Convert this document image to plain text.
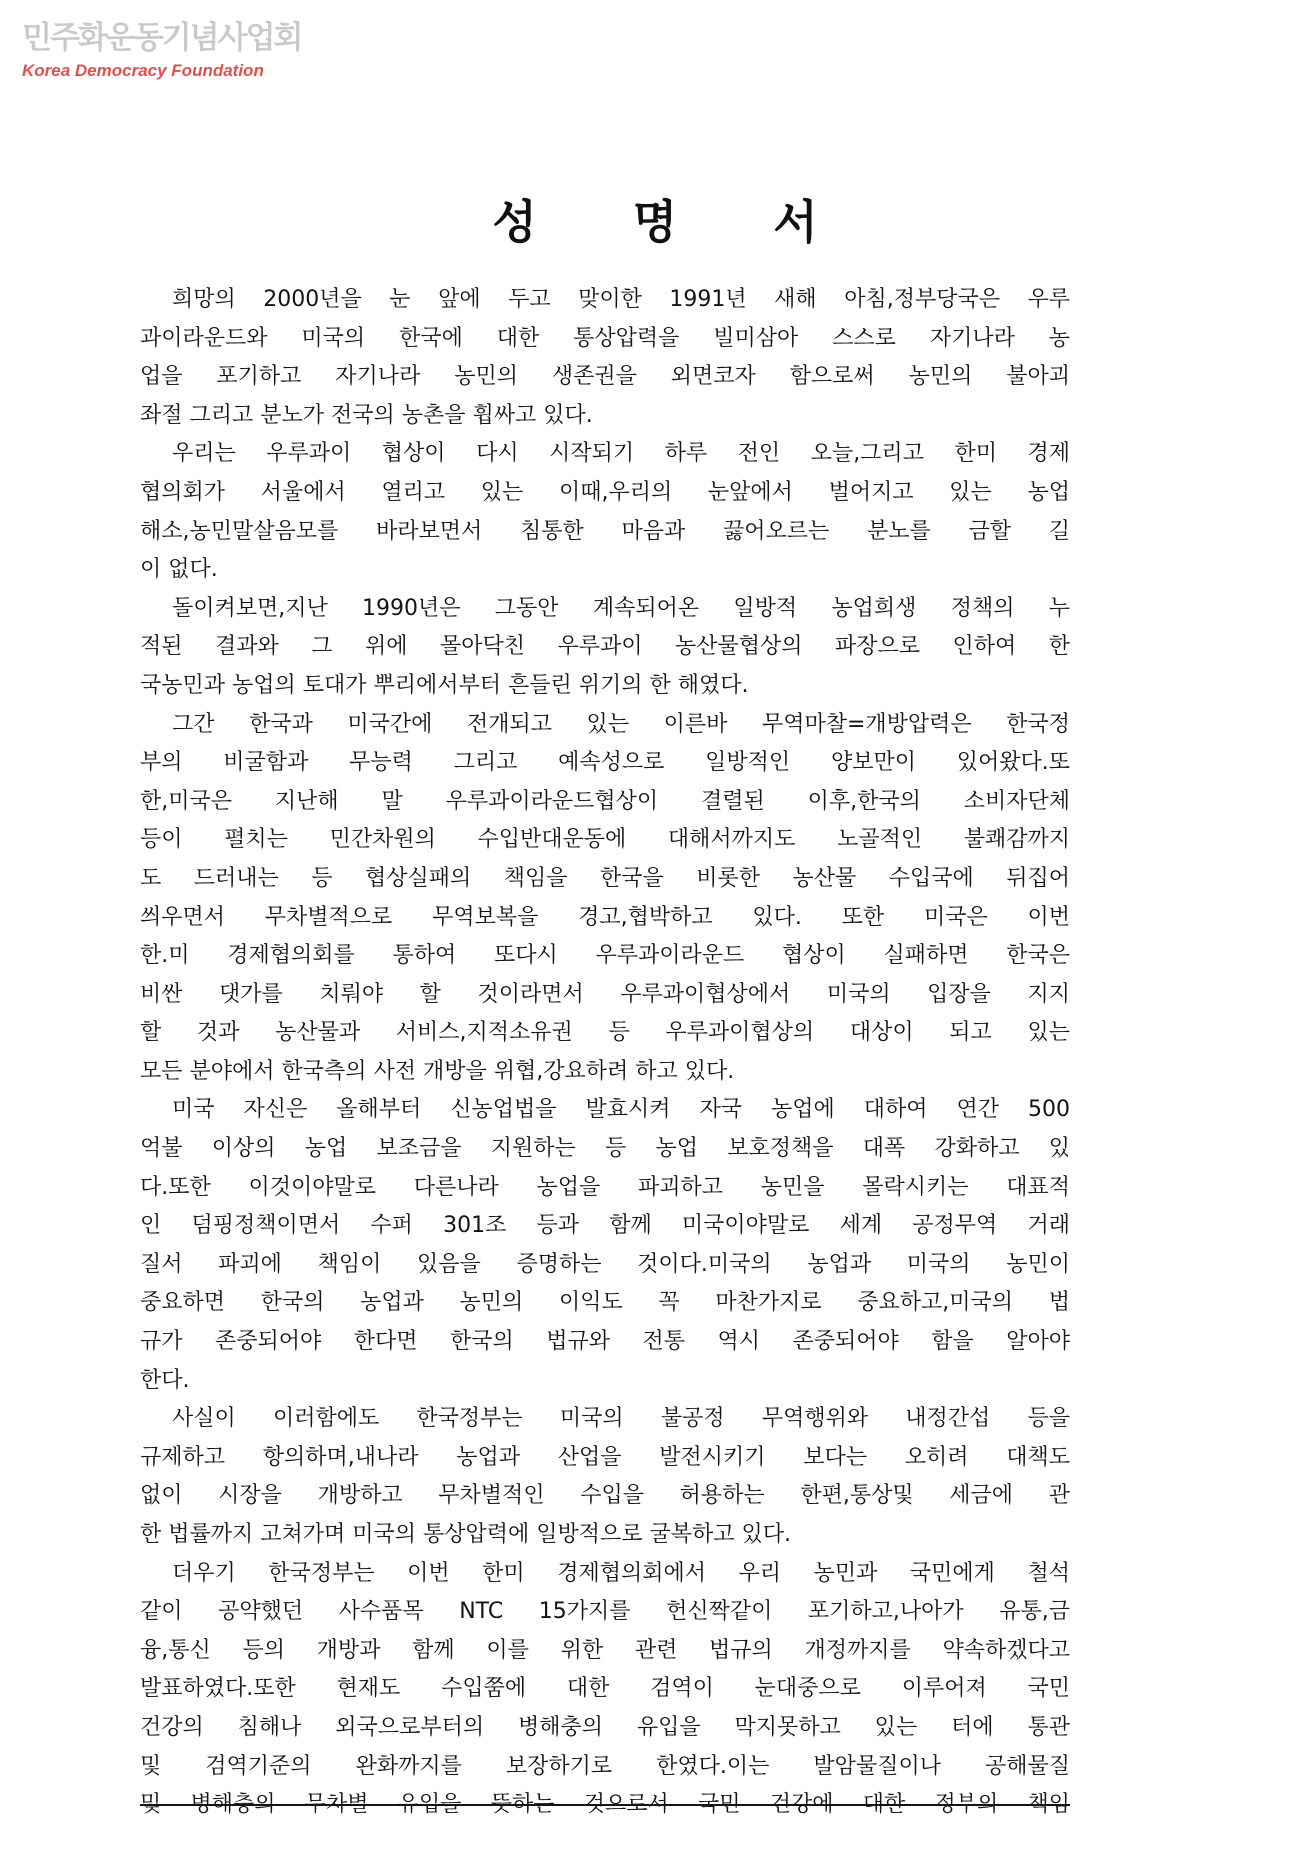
민주화운동기념사업회
Korea Democracy Foundation
성 명 서
희망의 2000년을 눈 앞에 두고 맞이한 1991년 새해 아침,정부당국은 우루
과이라운드와 미국의 한국에 대한 통상압력을 빌미삼아 스스로 자기나라 농
업을 포기하고 자기나라 농민의 생존권을 외면코자 함으로써 농민의 불아괴
좌절 그리고 분노가 전국의 농촌을 휩싸고 있다.
우리는 우루과이 협상이 다시 시작되기 하루 전인 오늘,그리고 한미 경제
협의회가 서울에서 열리고 있는 이때,우리의 눈앞에서 벌어지고 있는 농업
해소,농민말살음모를 바라보면서 침통한 마음과 끓어오르는 분노를 금할 길
이 없다.
돌이켜보면,지난 1990년은 그동안 계속되어온 일방적 농업희생 정책의 누
적된 결과와 그 위에 몰아닥친 우루과이 농산물협상의 파장으로 인하여 한
국농민과 농업의 토대가 뿌리에서부터 흔들린 위기의 한 해였다.
그간 한국과 미국간에 전개되고 있는 이른바 무역마찰=개방압력은 한국정
부의 비굴함과 무능력 그리고 예속성으로 일방적인 양보만이 있어왔다.또
한,미국은 지난해 말 우루과이라운드협상이 결렬된 이후,한국의 소비자단체
등이 펼치는 민간차원의 수입반대운동에 대해서까지도 노골적인 불쾌감까지
도 드러내는 등 협상실패의 책임을 한국을 비롯한 농산물 수입국에 뒤집어
씌우면서 무차별적으로 무역보복을 경고,협박하고 있다. 또한 미국은 이번
한.미 경제협의회를 통하여 또다시 우루과이라운드 협상이 실패하면 한국은
비싼 댓가를 치뤄야 할 것이라면서 우루과이협상에서 미국의 입장을 지지
할 것과 농산물과 서비스,지적소유권 등 우루과이협상의 대상이 되고 있는
모든 분야에서 한국측의 사전 개방을 위협,강요하려 하고 있다.
미국 자신은 올해부터 신농업법을 발효시켜 자국 농업에 대하여 연간 500
억불 이상의 농업 보조금을 지원하는 등 농업 보호정책을 대폭 강화하고 있
다.또한 이것이야말로 다른나라 농업을 파괴하고 농민을 몰락시키는 대표적
인 덤핑정책이면서 수퍼 301조 등과 함께 미국이야말로 세계 공정무역 거래
질서 파괴에 책임이 있음을 증명하는 것이다.미국의 농업과 미국의 농민이
중요하면 한국의 농업과 농민의 이익도 꼭 마찬가지로 중요하고,미국의 법
규가 존중되어야 한다면 한국의 법규와 전통 역시 존중되어야 함을 알아야
한다.
사실이 이러함에도 한국정부는 미국의 불공정 무역행위와 내정간섭 등을
규제하고 항의하며,내나라 농업과 산업을 발전시키기 보다는 오히려 대책도
없이 시장을 개방하고 무차별적인 수입을 허용하는 한편,통상및 세금에 관
한 법률까지 고쳐가며 미국의 통상압력에 일방적으로 굴복하고 있다.
더우기 한국정부는 이번 한미 경제협의회에서 우리 농민과 국민에게 철석
같이 공약했던 사수품목 NTC 15가지를 헌신짝같이 포기하고,나아가 유통,금
융,통신 등의 개방과 함께 이를 위한 관련 법규의 개정까지를 약속하겠다고
발표하였다.또한 현재도 수입쭘에 대한 검역이 눈대중으로 이루어져 국민
건강의 침해나 외국으로부터의 병해충의 유입을 막지못하고 있는 터에 통관
및 검역기준의 완화까지를 보장하기로 한였다.이는 발암물질이나 공해물질
및 병해충의 무차별 유입을 뜻하는 것으로서 국민 건강에 대한 정부의 책임
